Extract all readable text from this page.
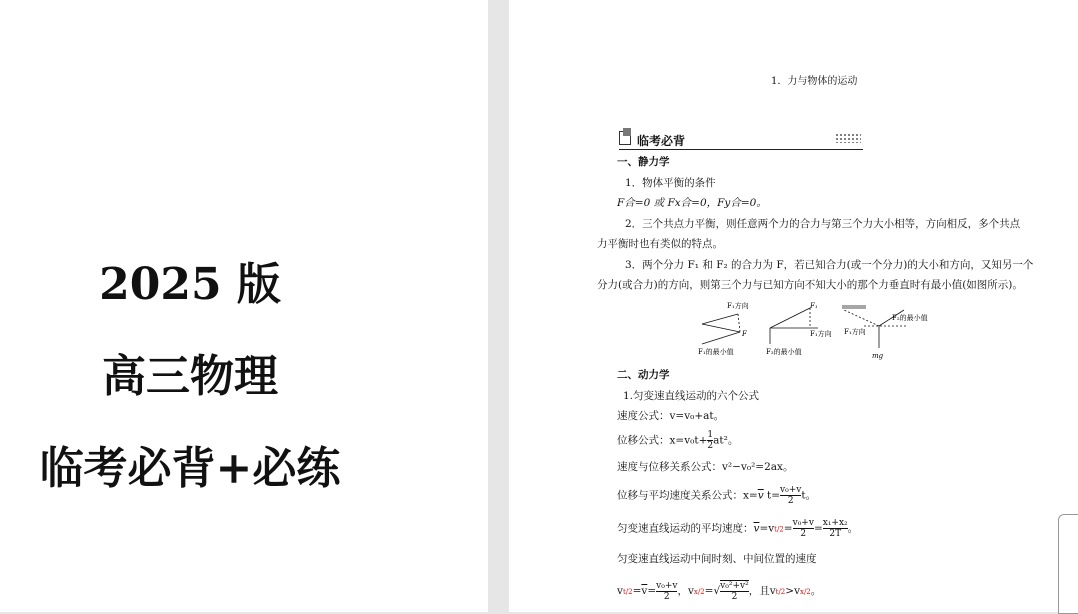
2025 版
高三物理
临考必背+必练
1．力与物体的运动
临考必背
一、静力学
1．物体平衡的条件
F合=0 或 Fx合=0，Fy合=0。
2．三个共点力平衡，则任意两个力的合力与第三个力大小相等，方向相反，多个共点
力平衡时也有类似的特点。
3．两个分力 F₁ 和 F₂ 的合力为 F，若已知合力(或一个分力)的大小和方向，又知另一个
分力(或合力)的方向，则第三个力与已知方向不知大小的那个力垂直时有最小值(如图所示)。
F₁方向
F
F₁的最小值
F₁
F₁方向
F₂的最小值
F₁方向
F₂的最小值
mg
二、动力学
1.匀变速直线运动的六个公式
速度公式：v=v₀+at。
位移公式：$x=v_0t+ \frac{1}{2} at^2$。
速度与位移关系公式：v²−v₀²=2ax。
位移与平均速度关系公式：$x=\overline{v}$ $t= \frac{\text{v₀+v}}{2}$ t。
匀变速直线运动的平均速度：$\overline{v}=vt/2= \frac{\text{v₀+v}}{2} = \frac{\text{x₁+x₂}}{2T}$ 。
匀变速直线运动中间时刻、中间位置的速度
$vt/2=\overline{v}= \frac{\text{v₀+v}}{2}$ ，$vx/2=√ \frac{\text{v₀²+v²}}{2}$ ，且vt/2>vx/2。
